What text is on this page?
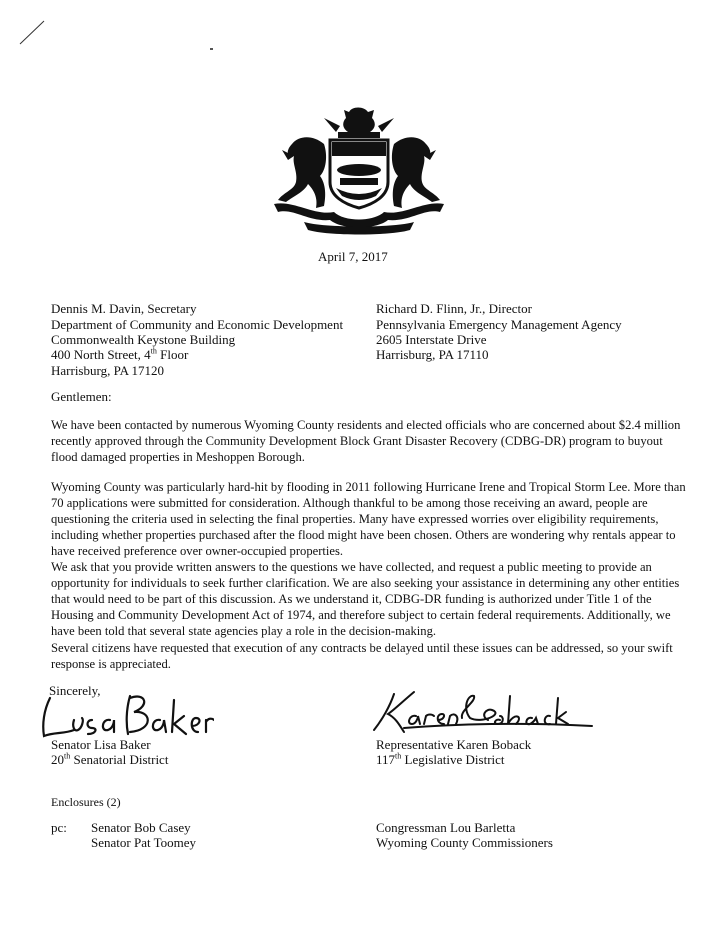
April 7, 2017
Dennis M. Davin, Secretary
Department of Community and Economic Development
Commonwealth Keystone Building
400 North Street, 4th Floor
Harrisburg, PA 17120
Richard D. Flinn, Jr., Director
Pennsylvania Emergency Management Agency
2605 Interstate Drive
Harrisburg, PA 17110
Gentlemen:
We have been contacted by numerous Wyoming County residents and elected officials who are concerned about $2.4 million recently approved through the Community Development Block Grant Disaster Recovery (CDBG-DR) program to buyout flood damaged properties in Meshoppen Borough.
Wyoming County was particularly hard-hit by flooding in 2011 following Hurricane Irene and Tropical Storm Lee. More than 70 applications were submitted for consideration. Although thankful to be among those receiving an award, people are questioning the criteria used in selecting the final properties. Many have expressed worries over eligibility requirements, including whether properties purchased after the flood might have been chosen. Others are wondering why rentals appear to have received preference over owner-occupied properties.
We ask that you provide written answers to the questions we have collected, and request a public meeting to provide an opportunity for individuals to seek further clarification. We are also seeking your assistance in determining any other entities that would need to be part of this discussion. As we understand it, CDBG-DR funding is authorized under Title 1 of the Housing and Community Development Act of 1974, and therefore subject to certain federal requirements. Additionally, we have been told that several state agencies play a role in the decision-making.
Several citizens have requested that execution of any contracts be delayed until these issues can be addressed, so your swift response is appreciated.
Sincerely,
Senator Lisa Baker
20th Senatorial District
Representative Karen Boback
117th Legislative District
Enclosures (2)
pc: Senator Bob Casey
Senator Pat Toomey
Congressman Lou Barletta
Wyoming County Commissioners
